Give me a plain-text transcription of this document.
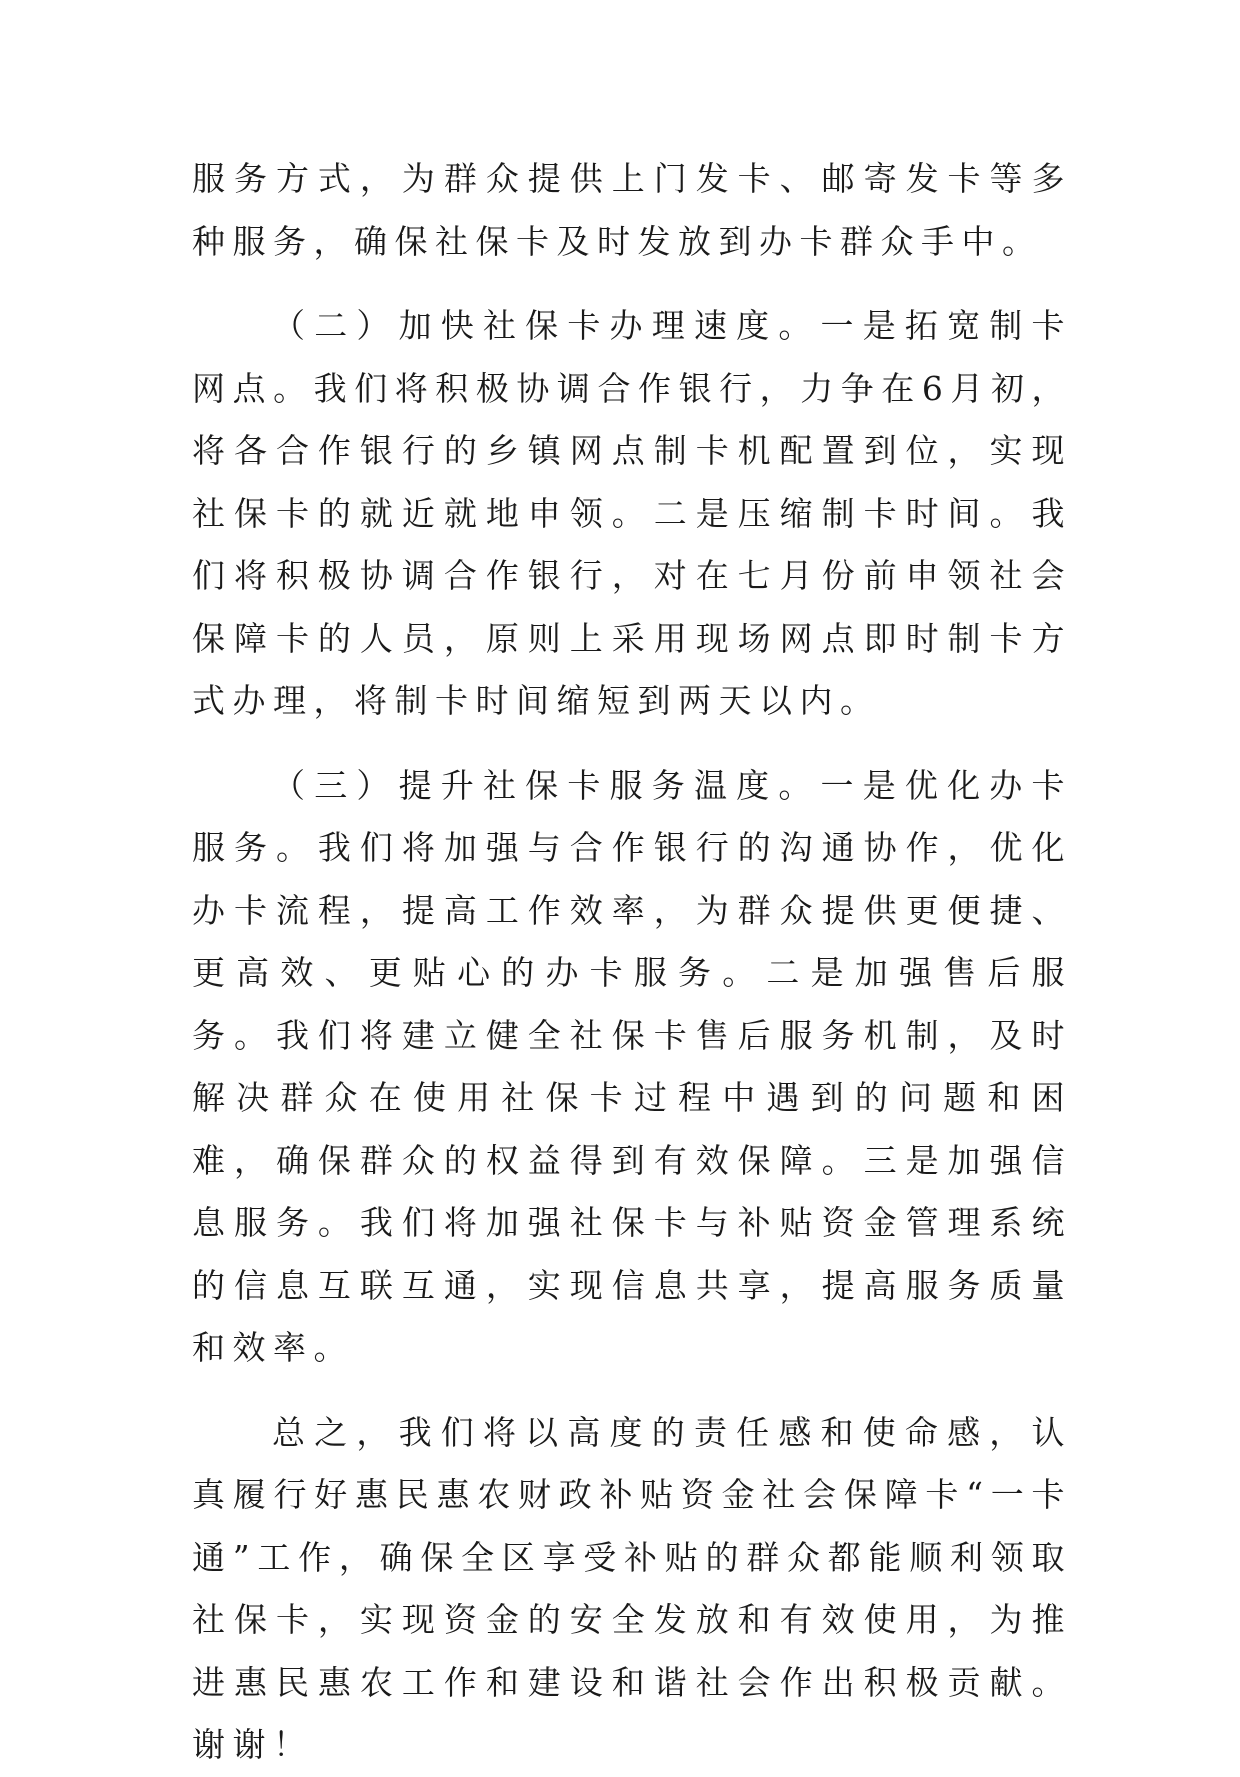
服务方式，为群众提供上门发卡、邮寄发卡等多种服务，确保社保卡及时发放到办卡群众手中。

（二）加快社保卡办理速度。一是拓宽制卡网点。我们将积极协调合作银行，力争在6月初，将各合作银行的乡镇网点制卡机配置到位，实现社保卡的就近就地申领。二是压缩制卡时间。我们将积极协调合作银行，对在七月份前申领社会保障卡的人员，原则上采用现场网点即时制卡方式办理，将制卡时间缩短到两天以内。

（三）提升社保卡服务温度。一是优化办卡服务。我们将加强与合作银行的沟通协作，优化办卡流程，提高工作效率，为群众提供更便捷、更高效、更贴心的办卡服务。二是加强售后服务。我们将建立健全社保卡售后服务机制，及时解决群众在使用社保卡过程中遇到的问题和困难，确保群众的权益得到有效保障。三是加强信息服务。我们将加强社保卡与补贴资金管理系统的信息互联互通，实现信息共享，提高服务质量和效率。

总之，我们将以高度的责任感和使命感，认真履行好惠民惠农财政补贴资金社会保障卡“一卡通”工作，确保全区享受补贴的群众都能顺利领取社保卡，实现资金的安全发放和有效使用，为推进惠民惠农工作和建设和谐社会作出积极贡献。谢谢！
